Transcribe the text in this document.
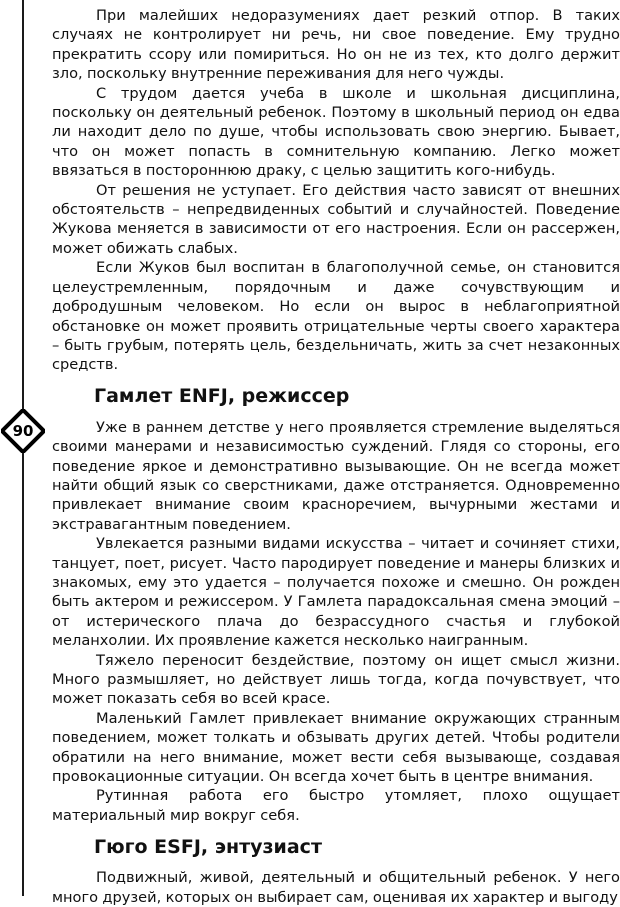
90

При малейших недоразумениях дает резкий отпор. В таких случаях не контролирует ни речь, ни свое поведение. Ему трудно прекратить ссору или помириться. Но он не из тех, кто долго держит зло, поскольку внутренние переживания для него чужды.

С трудом дается учеба в школе и школьная дисциплина, поскольку он деятельный ребенок. Поэтому в школьный период он едва ли находит дело по душе, чтобы использовать свою энергию. Бывает, что он может попасть в сомнительную компанию. Легко может ввязаться в постороннюю драку, с целью защитить кого-нибудь.

От решения не уступает. Его действия часто зависят от внешних обстоятельств – непредвиденных событий и случайностей. Поведение Жукова меняется в зависимости от его настроения. Если он рассержен, может обижать слабых.

Если Жуков был воспитан в благополучной семье, он становится целеустремленным, порядочным и даже сочувствующим и добродушным человеком. Но если он вырос в неблагоприятной обстановке он может проявить отрицательные черты своего характера – быть грубым, потерять цель, бездельничать, жить за счет незаконных средств.

Гамлет ENFJ, режиссер

Уже в раннем детстве у него проявляется стремление выделяться своими манерами и независимостью суждений. Глядя со стороны, его поведение яркое и демонстративно вызывающие. Он не всегда может найти общий язык со сверстниками, даже отстраняется. Одновременно привлекает внимание своим красноречием, вычурными жестами и экстравагантным поведением.

Увлекается разными видами искусства – читает и сочиняет стихи, танцует, поет, рисует. Часто пародирует поведение и манеры близких и знакомых, ему это удается – получается похоже и смешно. Он рожден быть актером и режиссером. У Гамлета парадоксальная смена эмоций – от истерического плача до безрассудного счастья и глубокой меланхолии. Их проявление кажется несколько наигранным.

Тяжело переносит бездействие, поэтому он ищет смысл жизни. Много размышляет, но действует лишь тогда, когда почувствует, что может показать себя во всей красе.

Маленький Гамлет привлекает внимание окружающих странным поведением, может толкать и обзывать других детей. Чтобы родители обратили на него внимание, может вести себя вызывающе, создавая провокационные ситуации. Он всегда хочет быть в центре внимания.

Рутинная работа его быстро утомляет, плохо ощущает материальный мир вокруг себя.

Гюго ESFJ, энтузиаст

Подвижный, живой, деятельный и общительный ребенок. У него много друзей, которых он выбирает сам, оценивая их характер и выгоду
